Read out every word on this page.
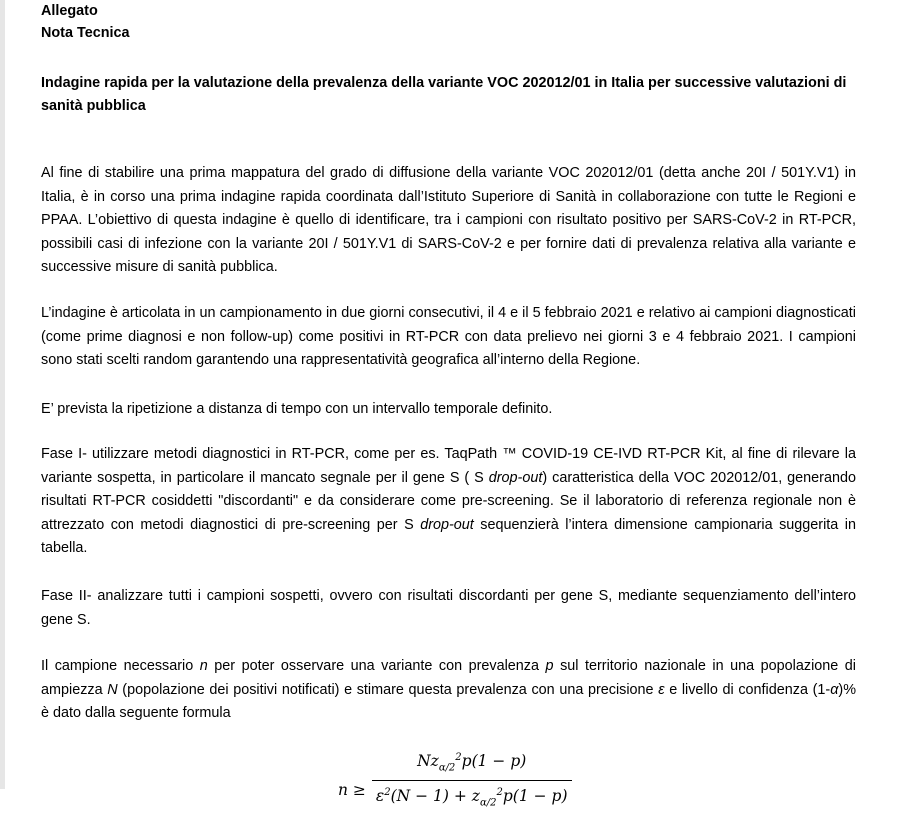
Allegato

Nota Tecnica

Indagine rapida per la valutazione della prevalenza della variante VOC 202012/01 in Italia per successive valutazioni di sanità pubblica

Al fine di stabilire una prima mappatura del grado di diffusione della variante VOC 202012/01 (detta anche 20I / 501Y.V1) in Italia, è in corso una prima indagine rapida coordinata dall’Istituto Superiore di Sanità in collaborazione con tutte le Regioni e PPAA. L’obiettivo di questa indagine è quello di identificare, tra i campioni con risultato positivo per SARS-CoV-2 in RT-PCR, possibili casi di infezione con la variante 20I / 501Y.V1 di SARS-CoV-2 e per fornire dati di prevalenza relativa alla variante e successive misure di sanità pubblica.

L’indagine è articolata in un campionamento in due giorni consecutivi, il 4 e il 5 febbraio 2021 e relativo ai campioni diagnosticati (come prime diagnosi e non follow-up) come positivi in RT-PCR con data prelievo nei giorni 3 e 4 febbraio 2021. I campioni sono stati scelti random garantendo una rappresentatività geografica all’interno della Regione.

E’ prevista la ripetizione a distanza di tempo con un intervallo temporale definito.

Fase I- utilizzare metodi diagnostici in RT-PCR, come per es. TaqPath ™ COVID-19 CE-IVD RT-PCR Kit, al fine di rilevare la variante sospetta, in particolare il mancato segnale per il gene S ( S drop-out) caratteristica della VOC 202012/01, generando risultati RT-PCR cosiddetti "discordanti" e da considerare come pre-screening. Se il laboratorio di referenza regionale non è attrezzato con metodi diagnostici di pre-screening per S drop-out sequenzierà l’intera dimensione campionaria suggerita in tabella.

Fase II- analizzare tutti i campioni sospetti, ovvero con risultati discordanti per gene S, mediante sequenziamento dell’intero gene S.

Il campione necessario n per poter osservare una variante con prevalenza p sul territorio nazionale in una popolazione di ampiezza N (popolazione dei positivi notificati) e stimare questa prevalenza con una precisione ε e livello di confidenza (1-α)% è dato dalla seguente formula

$n \ge \frac{Nz_{\alpha/2}^2p(1 - p)}{\varepsilon^2(N - 1) + z_{\alpha/2}^2p(1 - p)}$
